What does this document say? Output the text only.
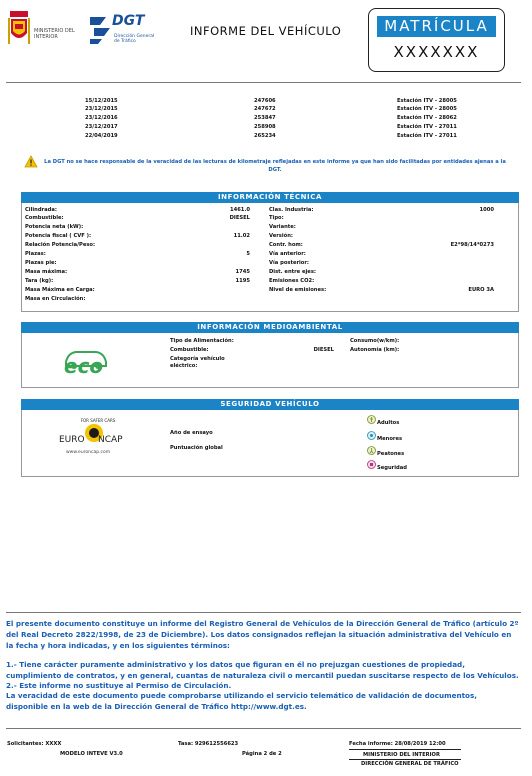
MINISTERIO DEL INTERIOR
DGT
Dirección General de Tráfico
INFORME DEL VEHÍCULO	MATRÍCULA
XXXXXXX
15/12/2015	247606	Estación ITV - 28005
23/12/2015	247672	Estación ITV - 28005
23/12/2016	253847	Estación ITV - 28062
23/12/2017	258908	Estación ITV - 27011
22/04/2019	265234	Estación ITV - 27011
La DGT no se hace responsable de la veracidad de las lecturas de kilometraje reflejadas en este informe ya que han sido facilitadas por entidades ajenas a la DGT.
INFORMACIÓN TÉCNICA
Cilindrada:	1461.0
Combustible:	DIESEL
Potencia neta (kW):
Potencia fiscal ( CVF ):	11.02
Relación Potencia/Peso:
Plazas:	5
Plazas pie:
Masa máxima:	1745
Tara (kg):	1195
Masa Máxima en Carga:
Masa en Circulación:
Clas. Industria:	1000
Tipo:
Variante:
Versión:
Contr. hom:	E2*98/14*0273
Vía anterior:
Vía posterior:
Dist. entre ejes:
Emisiones CO2:
Nivel de emisiones:	EURO 3A
INFORMACIÓN MEDIOAMBIENTAL
eco
Tipo de Alimentación:
Combustible:	DIESEL
Categoría vehículo eléctrico:
Consumo(w/km):
Autonomía (km):
SEGURIDAD VEHÍCULO
FOR SAFER CARS
EURO NCAP
www.euroncap.com
Año de ensayo
Puntuación global
Adultos
Menores
Peatones
Seguridad
El presente documento constituye un informe del Registro General de Vehículos de la Dirección General de Tráfico (artículo 2º del Real Decreto 2822/1998, de 23 de Diciembre). Los datos consignados reflejan la situación administrativa del Vehículo en la fecha y hora indicadas, y en los siguientes términos:
1.- Tiene carácter puramente administrativo y los datos que figuran en él no prejuzgan cuestiones de propiedad, cumplimiento de contratos, y en general, cuantas de naturaleza civil o mercantil puedan suscitarse respecto de los Vehículos.
2.- Este informe no sustituye al Permiso de Circulación.
La veracidad de este documento puede comprobarse utilizando el servicio telemático de validación de documentos, disponible en la web de la Dirección General de Tráfico http://www.dgt.es.
Solicitantes: XXXX	Tasa: 929612556623	Fecha informe: 28/08/2019 12:00
MODELO INTEVE V3.0	Página 2 de 2	MINISTERIO DEL INTERIOR
DIRECCIÓN GENERAL DE TRÁFICO
